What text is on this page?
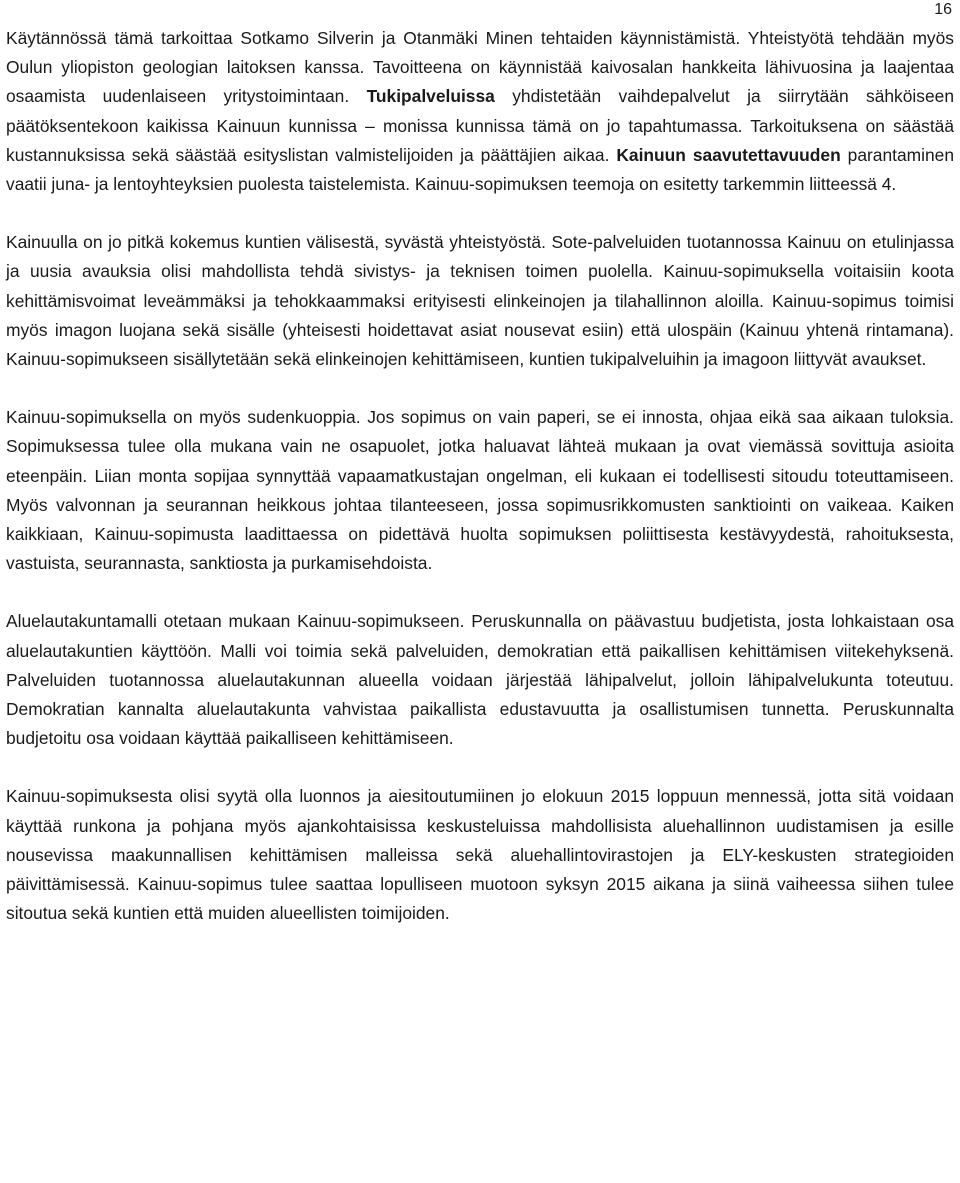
16

Käytännössä tämä tarkoittaa Sotkamo Silverin ja Otanmäki Minen tehtaiden käynnistämistä. Yhteistyötä tehdään myös Oulun yliopiston geologian laitoksen kanssa. Tavoitteena on käynnistää kaivosalan hankkeita lähivuosina ja laajentaa osaamista uudenlaiseen yritystoimintaan. Tukipalveluissa yhdistetään vaihdepalvelut ja siirrytään sähköiseen päätöksentekoon kaikissa Kainuun kunnissa – monissa kunnissa tämä on jo tapahtumassa. Tarkoituksena on säästää kustannuksissa sekä säästää esityslistan valmistelijoiden ja päättäjien aikaa. Kainuun saavutettavuuden parantaminen vaatii juna- ja lentoyhteyksien puolesta taistelemista. Kainuu-sopimuksen teemoja on esitetty tarkemmin liitteessä 4.

Kainuulla on jo pitkä kokemus kuntien välisestä, syvästä yhteistyöstä. Sote-palveluiden tuotannossa Kainuu on etulinjassa ja uusia avauksia olisi mahdollista tehdä sivistys- ja teknisen toimen puolella. Kainuu-sopimuksella voitaisiin koota kehittämisvoimat leveämmäksi ja tehokkaammaksi erityisesti elinkeinojen ja tilahallinnon aloilla. Kainuu-sopimus toimisi myös imagon luojana sekä sisälle (yhteisesti hoidettavat asiat nousevat esiin) että ulospäin (Kainuu yhtenä rintamana). Kainuu-sopimukseen sisällytetään sekä elinkeinojen kehittämiseen, kuntien tukipalveluihin ja imagoon liittyvät avaukset.

Kainuu-sopimuksella on myös sudenkuoppia. Jos sopimus on vain paperi, se ei innosta, ohjaa eikä saa aikaan tuloksia. Sopimuksessa tulee olla mukana vain ne osapuolet, jotka haluavat lähteä mukaan ja ovat viemässä sovittuja asioita eteenpäin. Liian monta sopijaa synnyttää vapaamatkustajan ongelman, eli kukaan ei todellisesti sitoudu toteuttamiseen. Myös valvonnan ja seurannan heikkous johtaa tilanteeseen, jossa sopimusrikkomusten sanktiointi on vaikeaa. Kaiken kaikkiaan, Kainuu-sopimusta laadittaessa on pidettävä huolta sopimuksen poliittisesta kestävyydestä, rahoituksesta, vastuista, seurannasta, sanktiosta ja purkamisehdoista.

Aluelautakuntamalli otetaan mukaan Kainuu-sopimukseen. Peruskunnalla on päävastuu budjetista, josta lohkaistaan osa aluelautakuntien käyttöön. Malli voi toimia sekä palveluiden, demokratian että paikallisen kehittämisen viitekehyksenä. Palveluiden tuotannossa aluelautakunnan alueella voidaan järjestää lähipalvelut, jolloin lähipalvelukunta toteutuu. Demokratian kannalta aluelautakunta vahvistaa paikallista edustavuutta ja osallistumisen tunnetta. Peruskunnalta budjetoitu osa voidaan käyttää paikalliseen kehittämiseen.

Kainuu-sopimuksesta olisi syytä olla luonnos ja aiesitoutumiinen jo elokuun 2015 loppuun mennessä, jotta sitä voidaan käyttää runkona ja pohjana myös ajankohtaisissa keskusteluissa mahdollisista aluehallinnon uudistamisen ja esille nousevissa maakunnallisen kehittämisen malleissa sekä aluehallintovirastojen ja ELY-keskusten strategioiden päivittämisessä. Kainuu-sopimus tulee saattaa lopulliseen muotoon syksyn 2015 aikana ja siinä vaiheessa siihen tulee sitoutua sekä kuntien että muiden alueellisten toimijoiden.
